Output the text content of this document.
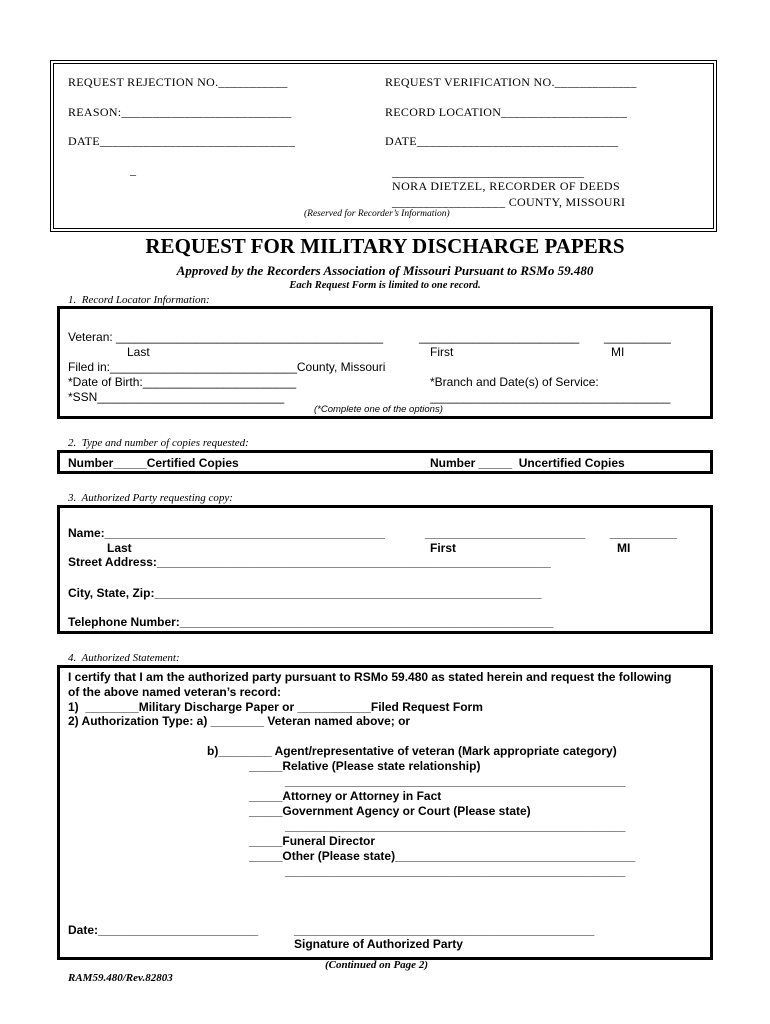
REQUEST REJECTION NO.___________	REQUEST VERIFICATION NO._____________
REASON:___________________________	RECORD LOCATION____________________
DATE_______________________________	DATE________________________________
_	________________________________
NORA DIETZEL, RECORDER OF DEEDS
__________________ COUNTY, MISSOURI
(Reserved for Recorder’s Information)
REQUEST FOR MILITARY DISCHARGE PAPERS
Approved by the Recorders Association of Missouri Pursuant to RSMo 59.480
Each Request Form is limited to one record.
1.  Record Locator Information:
Veteran: ________________________________________	________________________ __________
Last	First	MI
Filed in:____________________________County, Missouri
*Date of Birth:_______________________	*Branch and Date(s) of Service:
*SSN____________________________	____________________________________
(*Complete one of the options)
2.  Type and number of copies requested:
Number_____Certified Copies	Number _____  Uncertified Copies
3.  Authorized Party requesting copy:
Name:__________________________________________	________________________ __________
Last	First	MI
Street Address:___________________________________________________________
City, State, Zip:__________________________________________________________
Telephone Number:________________________________________________________
4.  Authorized Statement:
I certify that I am the authorized party pursuant to RSMo 59.480 as stated herein and request the following
of the above named veteran’s record:
1)  ________Military Discharge Paper or ___________Filed Request Form
2) Authorization Type: a) ________ Veteran named above; or
b)________ Agent/representative of veteran (Mark appropriate category)
_____Relative (Please state relationship)
___________________________________________________
_____Attorney or Attorney in Fact
_____Government Agency or Court (Please state)
___________________________________________________
_____Funeral Director
_____Other (Please state)____________________________________
___________________________________________________
Date:________________________	_____________________________________________
Signature of Authorized Party
(Continued on Page 2)
RAM59.480/Rev.82803
